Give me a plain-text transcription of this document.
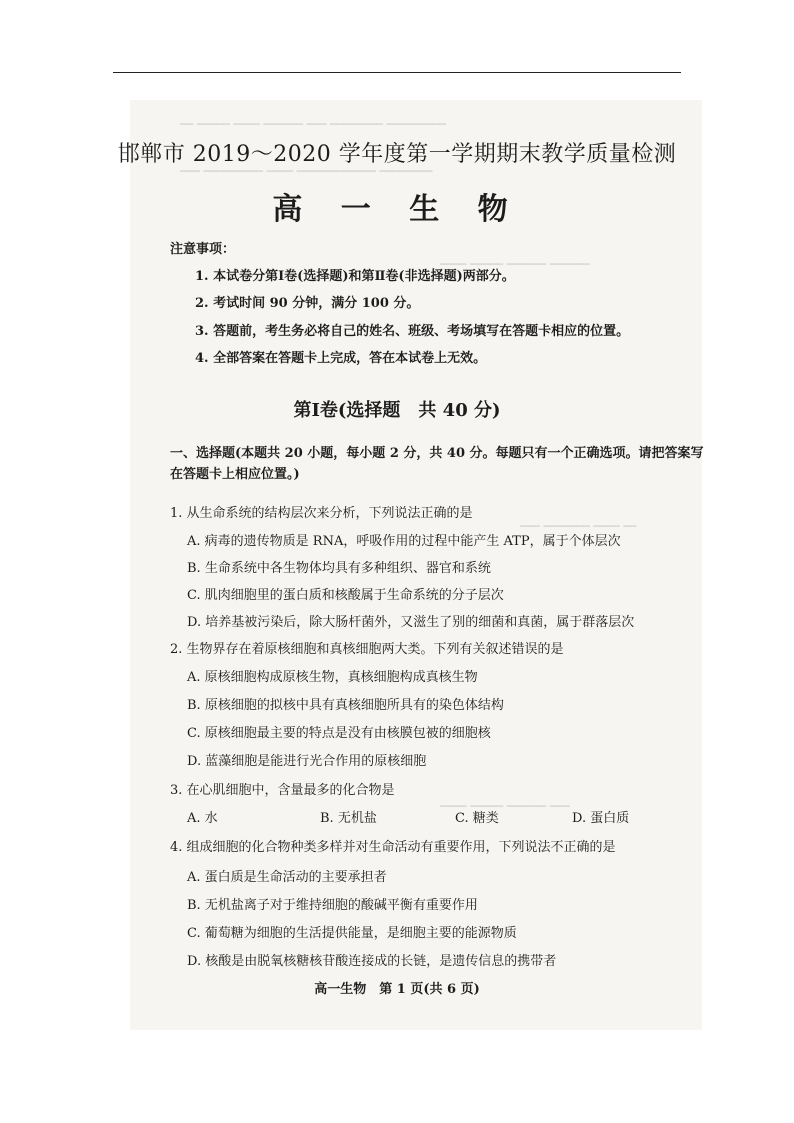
━━ ━━━━━ ━━━━ ━━━━━━ ━━━ ━━━━━━━━ ━━━━━━━━━
━━━ ━━━━━━━━━ ━━━━ ━━━━━━━━━━━━ ━━━━━━━━
━━━━ ━━━━━ ━━━━━━ ━━━━━━
━━━ ━━━━━━━ ━━━━ ━━
━━━━ ━━━━━ ━━━━━━ ━━━
邯郸市 2019～2020 学年度第一学期期末教学质量检测
高 一 生 物
注意事项：
1. 本试卷分第Ⅰ卷(选择题)和第Ⅱ卷(非选择题)两部分。
2. 考试时间 90 分钟，满分 100 分。
3. 答题前，考生务必将自己的姓名、班级、考场填写在答题卡相应的位置。
4. 全部答案在答题卡上完成，答在本试卷上无效。
第Ⅰ卷(选择题　共 40 分)
一、选择题(本题共 20 小题，每小题 2 分，共 40 分。每题只有一个正确选项。请把答案写在答题卡上相应位置。)
1. 从生命系统的结构层次来分析，下列说法正确的是
A. 病毒的遗传物质是 RNA，呼吸作用的过程中能产生 ATP，属于个体层次
B. 生命系统中各生物体均具有多种组织、器官和系统
C. 肌肉细胞里的蛋白质和核酸属于生命系统的分子层次
D. 培养基被污染后，除大肠杆菌外，又滋生了别的细菌和真菌，属于群落层次
2. 生物界存在着原核细胞和真核细胞两大类。下列有关叙述错误的是
A. 原核细胞构成原核生物，真核细胞构成真核生物
B. 原核细胞的拟核中具有真核细胞所具有的染色体结构
C. 原核细胞最主要的特点是没有由核膜包被的细胞核
D. 蓝藻细胞是能进行光合作用的原核细胞
3. 在心肌细胞中，含量最多的化合物是
A. 水	B. 无机盐	C. 糖类	D. 蛋白质
4. 组成细胞的化合物种类多样并对生命活动有重要作用，下列说法不正确的是
A. 蛋白质是生命活动的主要承担者
B. 无机盐离子对于维持细胞的酸碱平衡有重要作用
C. 葡萄糖为细胞的生活提供能量，是细胞主要的能源物质
D. 核酸是由脱氧核糖核苷酸连接成的长链，是遗传信息的携带者
高一生物　第 1 页(共 6 页)
